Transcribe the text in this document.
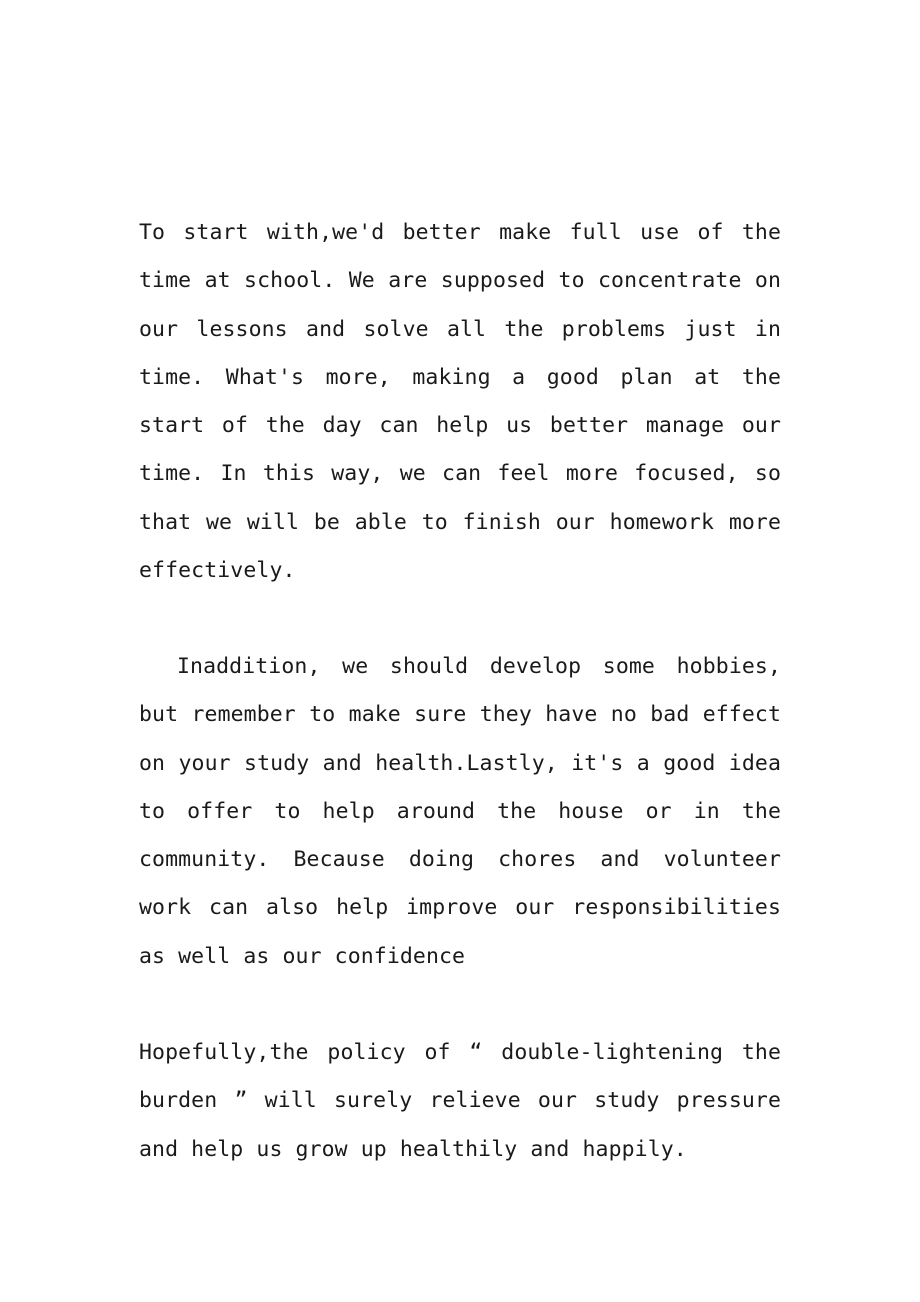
To start with,we'd better make full use of the time at school. We are supposed to concentrate on our lessons and solve all the problems just in time. What's more, making a good plan at the start of the day can help us better manage our time. In this way, we can feel more focused, so that we will be able to finish our homework more effectively.

Inaddition, we should develop some hobbies, but remember to make sure they have no bad effect on your study and health.Lastly, it's a good idea to offer to help around the house or in the community. Because doing chores and volunteer work can also help improve our responsibilities as well as our confidence

Hopefully,the policy of “ double-lightening the burden ” will surely relieve our study pressure and help us grow up healthily and happily.
